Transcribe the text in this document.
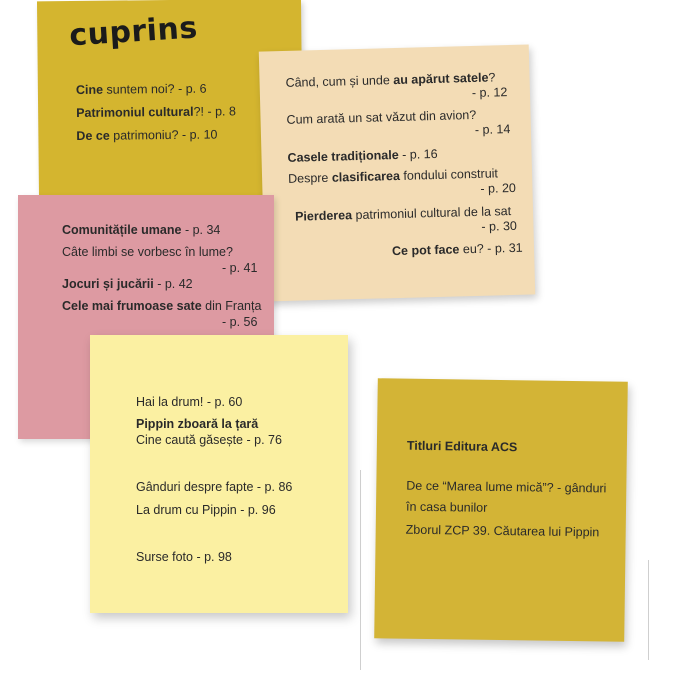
cuprins
Cine suntem noi? - p. 6
Patrimoniul cultural?! - p. 8
De ce patrimoniu? - p. 10
Când, cum și unde au apărut satele?
- p. 12
Cum arată un sat văzut din avion?
- p. 14
Casele tradiționale - p. 16
Despre clasificarea fondului construit
- p. 20
Pierderea patrimoniul cultural de la sat
- p. 30
Ce pot face eu? - p. 31
Comunitățile umane - p. 34
Câte limbi se vorbesc în lume?
- p. 41
Jocuri și jucării - p. 42
Cele mai frumoase sate din Franța
- p. 56
Hai la drum! - p. 60
Pippin zboară la țară
Cine caută găsește - p. 76
Gânduri despre fapte - p. 86
La drum cu Pippin - p. 96
Surse foto - p. 98
Titluri Editura ACS
De ce “Marea lume mică”? - gânduri
în casa bunilor
Zborul ZCP 39. Căutarea lui Pippin
